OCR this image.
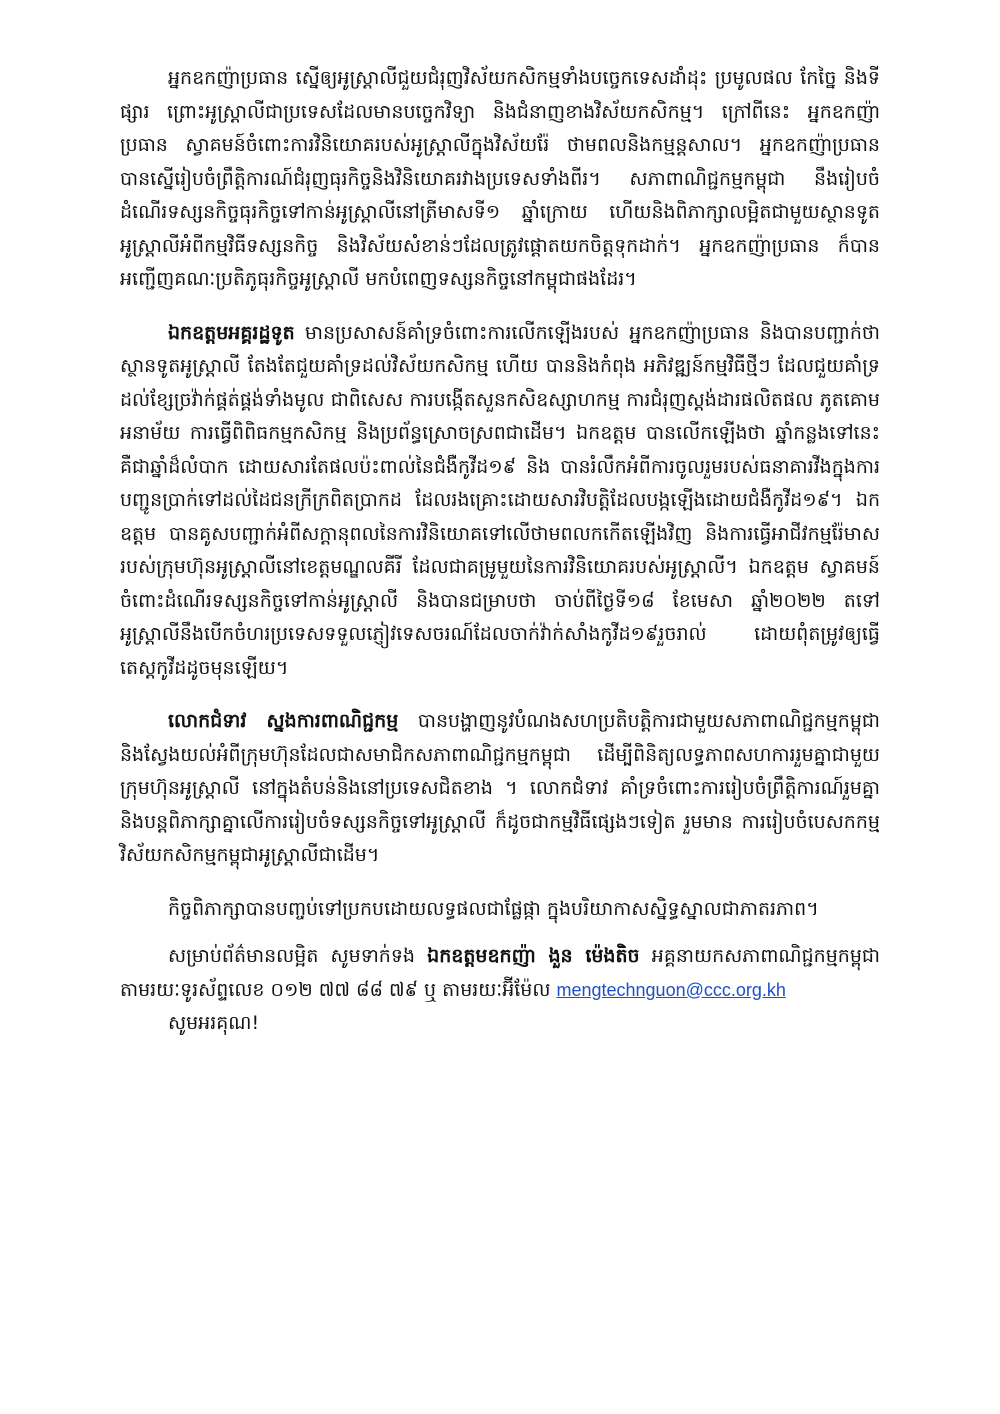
អ្នកឧកញ៉ាប្រធាន ស្នើឲ្យអូស្ត្រាលីជួយជំរុញវិស័យកសិកម្មទាំងបច្ចេកទេសដាំដុះ ប្រមូលផល កែច្នៃ និងទីផ្សារ ព្រោះអូស្ត្រាលីជាប្រទេសដែលមានបច្ចេកវិទ្យា និងជំនាញខាងវិស័យកសិកម្ម។ ក្រៅពីនេះ អ្នកឧកញ៉ាប្រធាន ស្វាគមន៍ចំពោះការវិនិយោគរបស់អូស្ត្រាលីក្នុងវិស័យរ៉ែ ថាមពលនិងកម្មន្តសាល។ អ្នកឧកញ៉ាប្រធាន បានស្នើរៀបចំព្រឹត្តិការណ៍ជំរុញធុរកិច្ចនិងវិនិយោគរវាងប្រទេសទាំងពីរ។ សភាពាណិជ្ជកម្មកម្ពុជា នឹងរៀបចំដំណើរទស្សនកិច្ចធុរកិច្ចទៅកាន់អូស្ត្រាលីនៅត្រីមាសទី១ ឆ្នាំក្រោយ ហើយនិងពិភាក្សាលម្អិតជាមួយស្ថានទូតអូស្ត្រាលីអំពីកម្មវិធីទស្សនកិច្ច និងវិស័យសំខាន់ៗដែលត្រូវផ្ដោតយកចិត្តទុកដាក់។ អ្នកឧកញ៉ាប្រធាន ក៏បានអញ្ជើញគណៈប្រតិភូធុរកិច្ចអូស្ត្រាលី មកបំពេញទស្សនកិច្ចនៅកម្ពុជាផងដែរ។

ឯកឧត្តមអគ្គរដ្ឋទូត មានប្រសាសន៍គាំទ្រចំពោះការលើកឡើងរបស់ អ្នកឧកញ៉ាប្រធាន និងបានបញ្ជាក់ថា ស្ថានទូតអូស្ត្រាលី តែងតែជួយគាំទ្រដល់វិស័យកសិកម្ម ហើយ បាននិងកំពុង អភិវឌ្ឍន៍កម្មវិធីថ្មីៗ ដែលជួយគាំទ្រដល់ខ្សែច្រវ៉ាក់ផ្គត់ផ្គង់ទាំងមូល ជាពិសេស ការបង្កើតសួនកសិឧស្សាហកម្ម ការជំរុញស្តង់ដារផលិតផល ភូតគោមអនាម័យ ការធ្វើពិពិធកម្មកសិកម្ម និងប្រព័ន្ធស្រោចស្រពជាដើម។ ឯកឧត្តម បានលើកឡើងថា ឆ្នាំកន្លងទៅនេះ គឺជាឆ្នាំដ៏លំបាក ដោយសារតែផលប៉ះពាល់នៃជំងឺកូវីដ១៩ និង បានរំលឹកអំពីការចូលរួមរបស់ធនាគារវីងក្នុងការបញ្ជូនប្រាក់ទៅដល់ដៃជនក្រីក្រពិតប្រាកដ ដែលរងគ្រោះដោយសារវិបត្តិដែលបង្កឡើងដោយជំងឺកូវីដ១៩។ ឯកឧត្តម បានគូសបញ្ជាក់អំពីសក្តានុពលនៃការវិនិយោគទៅលើថាមពលកកើតឡើងវិញ និងការធ្វើអាជីវកម្មរ៉ែមាសរបស់ក្រុមហ៊ុនអូស្ត្រាលីនៅខេត្តមណ្ឌលគីរី ដែលជាគម្រូមួយនៃការវិនិយោគរបស់អូស្ត្រាលី។ ឯកឧត្តម ស្វាគមន៍ចំពោះដំណើរទស្សនកិច្ចទៅកាន់អូស្ត្រាលី និងបានជម្រាបថា ចាប់ពីថ្ងៃទី១៨ ខែមេសា ឆ្នាំ២០២២ តទៅ អូស្ត្រាលីនឹងបើកចំហរប្រទេសទទួលភ្ញៀវទេសចរណ៍ដែលចាក់វ៉ាក់សាំងកូវីដ១៩រួចរាល់ ដោយពុំតម្រូវឲ្យធ្វើតេស្តកូវីដដូចមុនឡើយ។

លោកជំទាវ ស្នងការពាណិជ្ជកម្ម បានបង្ហាញនូវបំណងសហប្រតិបត្តិការជាមួយសភាពាណិជ្ជកម្មកម្ពុជា និងស្វែងយល់អំពីក្រុមហ៊ុនដែលជាសមាជិកសភាពាណិជ្ជកម្មកម្ពុជា ដើម្បីពិនិត្យលទ្ធភាពសហការរួមគ្នាជាមួយក្រុមហ៊ុនអូស្ត្រាលី នៅក្នុងតំបន់និងនៅប្រទេសជិតខាង ។ លោកជំទាវ គាំទ្រចំពោះការរៀបចំព្រឹត្តិការណ៍រួមគ្នា និងបន្តពិភាក្សាគ្នាលើការរៀបចំទស្សនកិច្ចទៅអូស្ត្រាលី ក៏ដូចជាកម្មវិធីផ្សេងៗទៀត រួមមាន ការរៀបចំបេសកកម្មវិស័យកសិកម្មកម្ពុជាអូស្ត្រាលីជាដើម។

កិច្ចពិភាក្សាបានបញ្ចប់ទៅប្រកបដោយលទ្ធផលជាផ្លែផ្កា ក្នុងបរិយាកាសស្និទ្ធស្នាលជាភាតរភាព។

សម្រាប់ព័ត៌មានលម្អិត សូមទាក់ទង ឯកឧត្តមឧកញ៉ា ងួន ម៉េងតិច អគ្គនាយកសភាពាណិជ្ជកម្មកម្ពុជា តាមរយៈទូរស័ព្ទលេខ ០១២ ៧៧ ៨៨ ៧៩ ឬ តាមរយៈអ៊ីម៉ែល mengtechnguon@ccc.org.kh

សូមអរគុណ!
